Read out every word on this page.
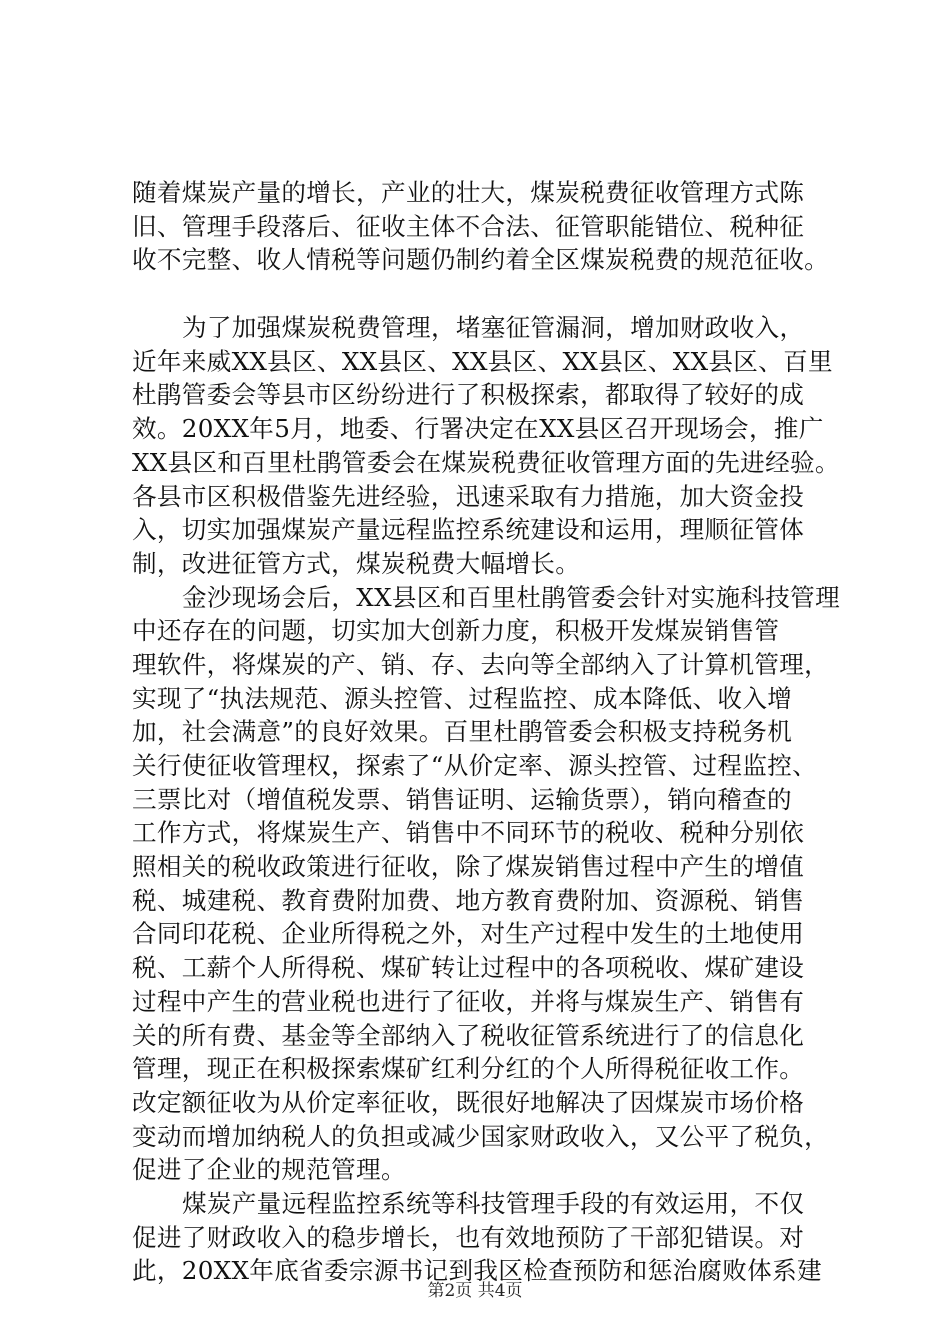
随着煤炭产量的增长，产业的壮大，煤炭税费征收管理方式陈
旧、管理手段落后、征收主体不合法、征管职能错位、税种征
收不完整、收人情税等问题仍制约着全区煤炭税费的规范征收。
为了加强煤炭税费管理，堵塞征管漏洞，增加财政收入，
近年来威XX县区、XX县区、XX县区、XX县区、XX县区、百里
杜鹃管委会等县市区纷纷进行了积极探索，都取得了较好的成
效。20XX年5月，地委、行署决定在XX县区召开现场会，推广
XX县区和百里杜鹃管委会在煤炭税费征收管理方面的先进经验。
各县市区积极借鉴先进经验，迅速采取有力措施，加大资金投
入，切实加强煤炭产量远程监控系统建设和运用，理顺征管体
制，改进征管方式，煤炭税费大幅增长。
金沙现场会后，XX县区和百里杜鹃管委会针对实施科技管理
中还存在的问题，切实加大创新力度，积极开发煤炭销售管
理软件，将煤炭的产、销、存、去向等全部纳入了计算机管理，
实现了“执法规范、源头控管、过程监控、成本降低、收入增
加，社会满意”的良好效果。百里杜鹃管委会积极支持税务机
关行使征收管理权，探索了“从价定率、源头控管、过程监控、
三票比对（增值税发票、销售证明、运输货票），销向稽查的
工作方式，将煤炭生产、销售中不同环节的税收、税种分别依
照相关的税收政策进行征收，除了煤炭销售过程中产生的增值
税、城建税、教育费附加费、地方教育费附加、资源税、销售
合同印花税、企业所得税之外，对生产过程中发生的土地使用
税、工薪个人所得税、煤矿转让过程中的各项税收、煤矿建设
过程中产生的营业税也进行了征收，并将与煤炭生产、销售有
关的所有费、基金等全部纳入了税收征管系统进行了的信息化
管理，现正在积极探索煤矿红利分红的个人所得税征收工作。
改定额征收为从价定率征收，既很好地解决了因煤炭市场价格
变动而增加纳税人的负担或减少国家财政收入，又公平了税负，
促进了企业的规范管理。
煤炭产量远程监控系统等科技管理手段的有效运用，不仅
促进了财政收入的稳步增长，也有效地预防了干部犯错误。对
此，20XX年底省委宗源书记到我区检查预防和惩治腐败体系建
第2页 共4页
